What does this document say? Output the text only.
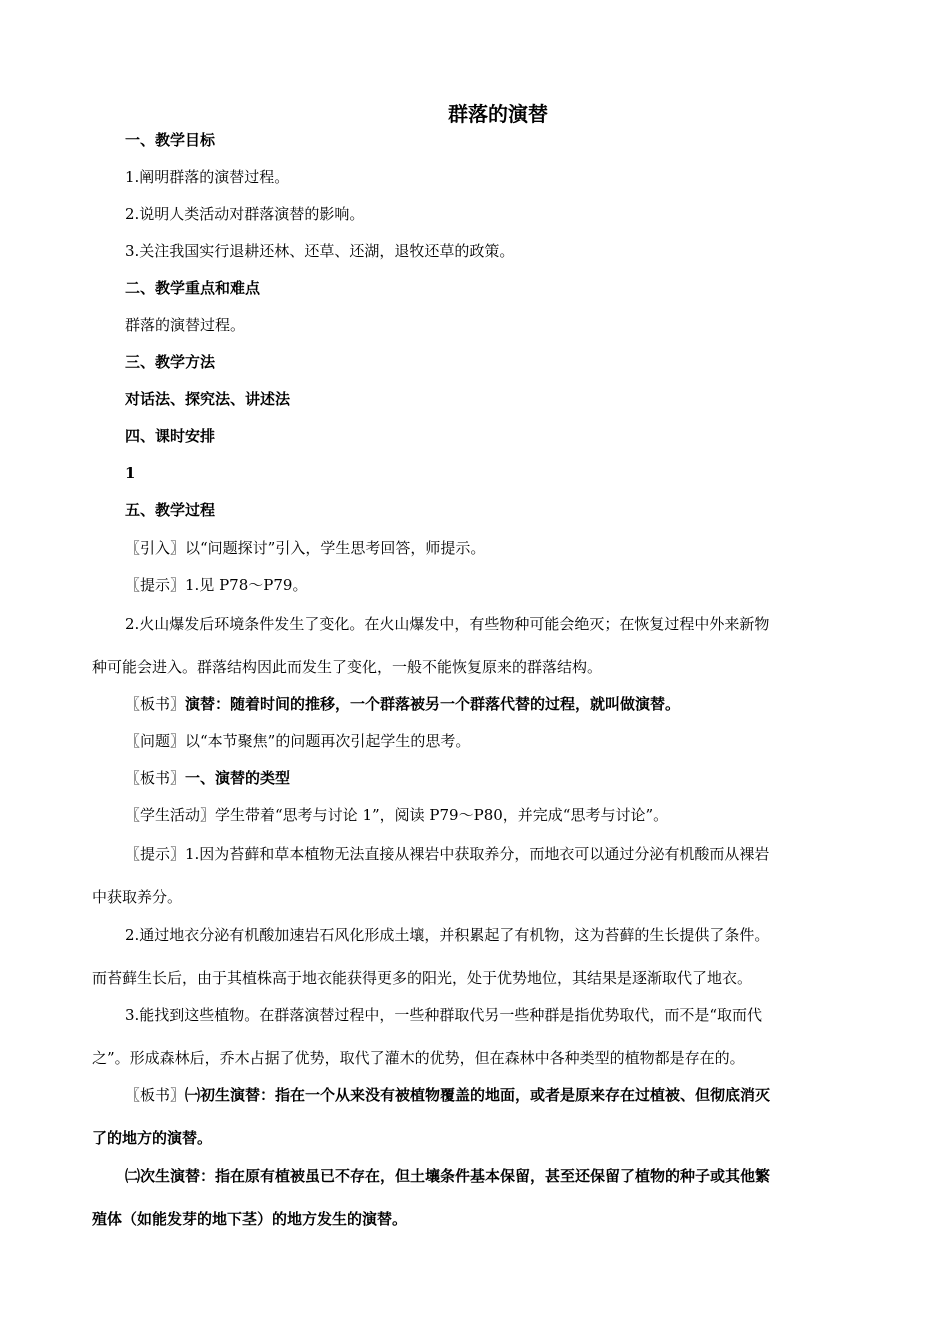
群落的演替
一、教学目标
1.阐明群落的演替过程。
2.说明人类活动对群落演替的影响。
3.关注我国实行退耕还林、还草、还湖，退牧还草的政策。
二、教学重点和难点
群落的演替过程。
三、教学方法
对话法、探究法、讲述法
四、课时安排
1
五、教学过程
〖引入〗以“问题探讨”引入，学生思考回答，师提示。
〖提示〗1.见 P78～P79。
2.火山爆发后环境条件发生了变化。在火山爆发中，有些物种可能会绝灭；在恢复过程中外来新物
种可能会进入。群落结构因此而发生了变化，一般不能恢复原来的群落结构。
〖板书〗演替：随着时间的推移，一个群落被另一个群落代替的过程，就叫做演替。
〖问题〗以“本节聚焦”的问题再次引起学生的思考。
〖板书〗一、演替的类型
〖学生活动〗学生带着“思考与讨论 1”，阅读 P79～P80，并完成“思考与讨论”。
〖提示〗1.因为苔藓和草本植物无法直接从裸岩中获取养分，而地衣可以通过分泌有机酸而从裸岩
中获取养分。
2.通过地衣分泌有机酸加速岩石风化形成土壤，并积累起了有机物，这为苔藓的生长提供了条件。
而苔藓生长后，由于其植株高于地衣能获得更多的阳光，处于优势地位，其结果是逐渐取代了地衣。
3.能找到这些植物。在群落演替过程中，一些种群取代另一些种群是指优势取代，而不是“取而代
之”。形成森林后，乔木占据了优势，取代了灌木的优势，但在森林中各种类型的植物都是存在的。
〖板书〗㈠初生演替：指在一个从来没有被植物覆盖的地面，或者是原来存在过植被、但彻底消灭
了的地方的演替。
㈡次生演替：指在原有植被虽已不存在，但土壤条件基本保留，甚至还保留了植物的种子或其他繁
殖体（如能发芽的地下茎）的地方发生的演替。
